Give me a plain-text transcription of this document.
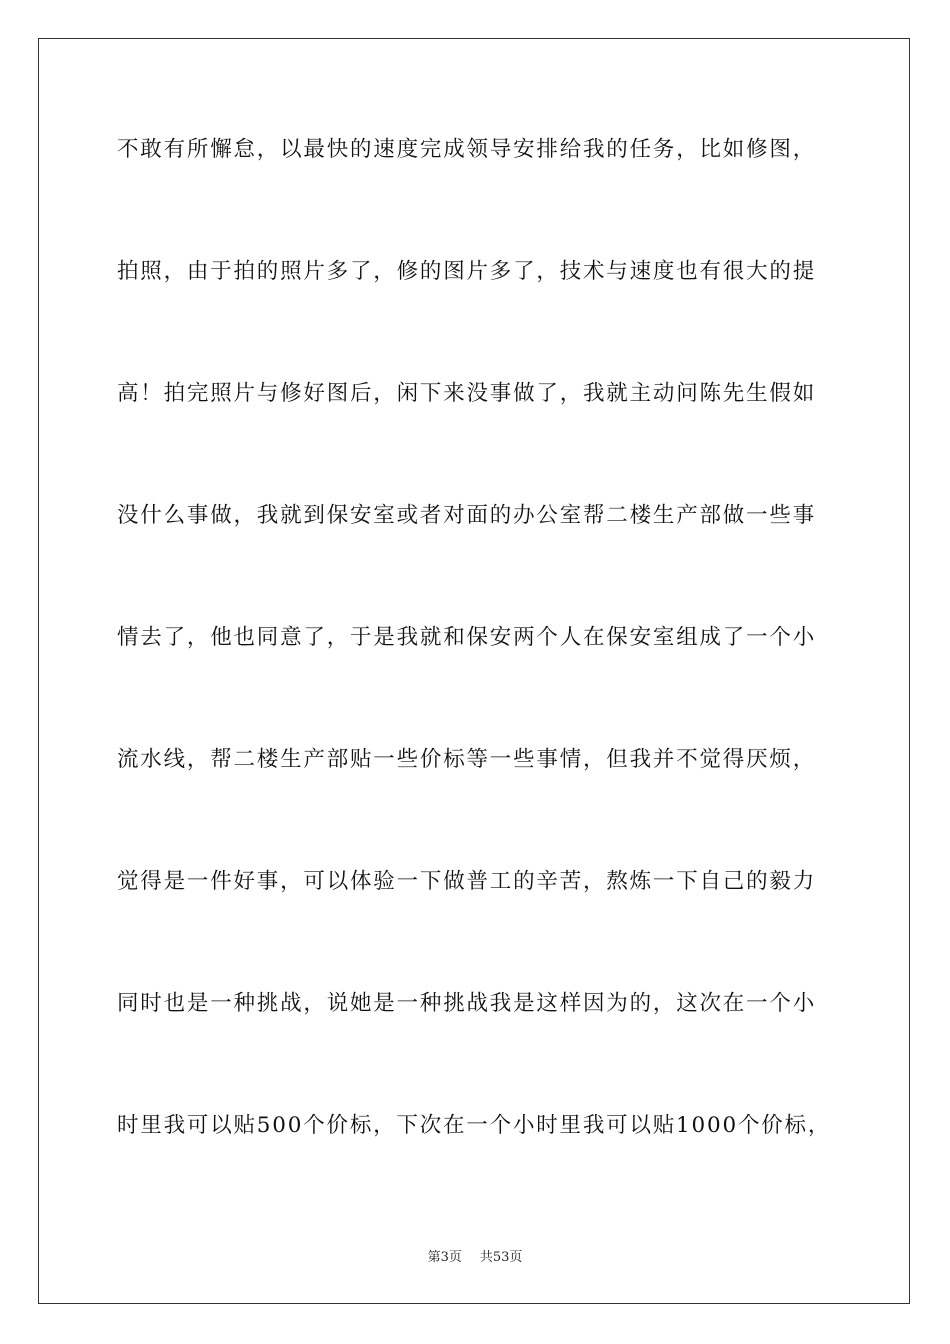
不敢有所懈怠，以最快的速度完成领导安排给我的任务，比如修图，
拍照，由于拍的照片多了，修的图片多了，技术与速度也有很大的提
高！拍完照片与修好图后，闲下来没事做了，我就主动问陈先生假如
没什么事做，我就到保安室或者对面的办公室帮二楼生产部做一些事
情去了，他也同意了，于是我就和保安两个人在保安室组成了一个小
流水线，帮二楼生产部贴一些价标等一些事情，但我并不觉得厌烦，
觉得是一件好事，可以体验一下做普工的辛苦，熬炼一下自己的毅力
同时也是一种挑战，说她是一种挑战我是这样因为的，这次在一个小
时里我可以贴500个价标，下次在一个小时里我可以贴1000个价标，
第3页 共53页
